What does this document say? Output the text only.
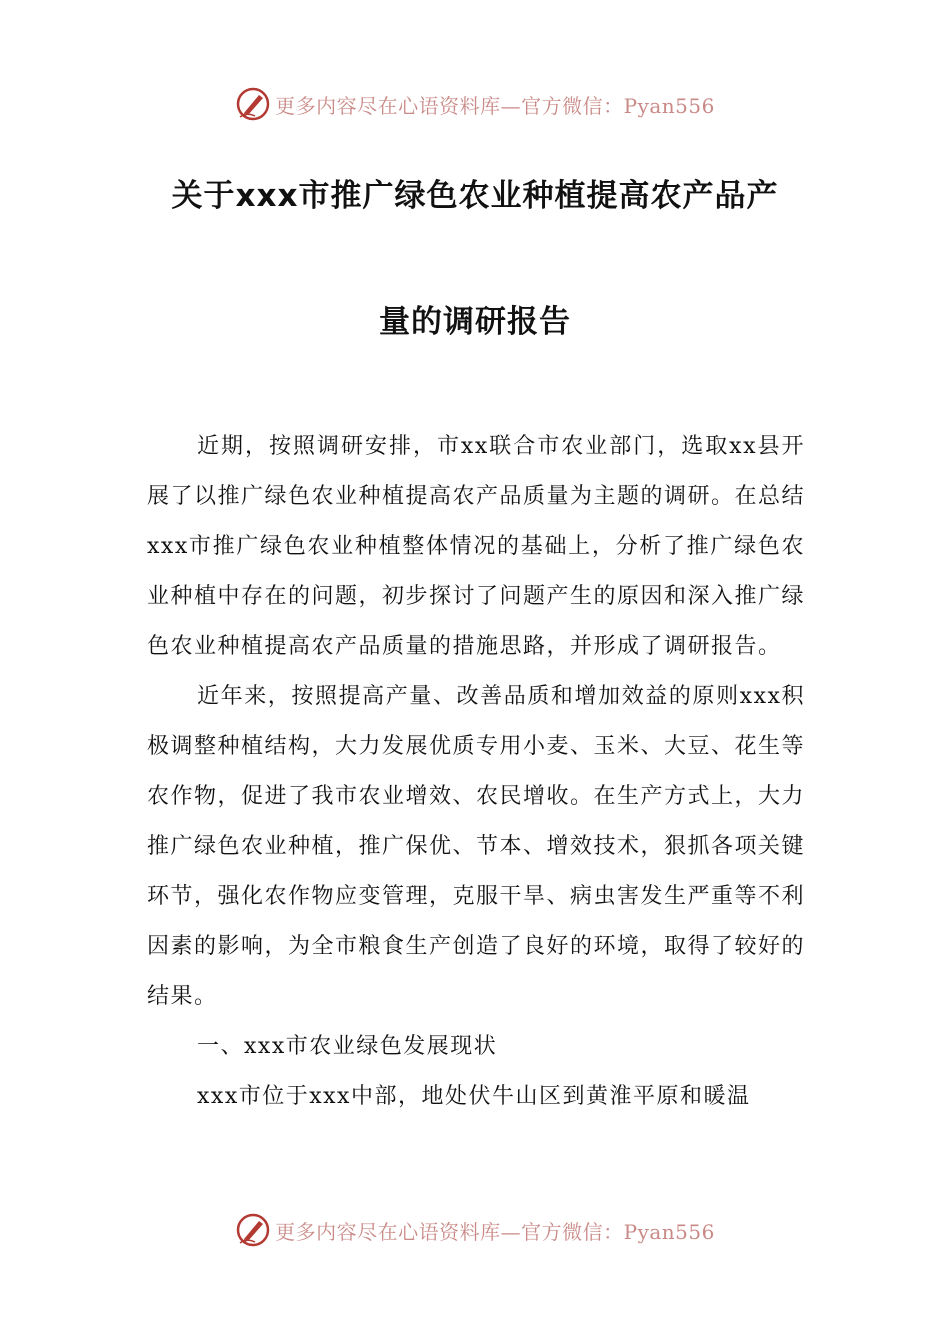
更多内容尽在心语资料库—官方微信：Pyan556
关于xxx市推广绿色农业种植提高农产品产
量的调研报告

近期，按照调研安排，市xx联合市农业部门，选取xx县开展了以推广绿色农业种植提高农产品质量为主题的调研。在总结xxx市推广绿色农业种植整体情况的基础上，分析了推广绿色农业种植中存在的问题，初步探讨了问题产生的原因和深入推广绿色农业种植提高农产品质量的措施思路，并形成了调研报告。

近年来，按照提高产量、改善品质和增加效益的原则xxx积极调整种植结构，大力发展优质专用小麦、玉米、大豆、花生等农作物，促进了我市农业增效、农民增收。在生产方式上，大力推广绿色农业种植，推广保优、节本、增效技术，狠抓各项关键环节，强化农作物应变管理，克服干旱、病虫害发生严重等不利因素的影响，为全市粮食生产创造了良好的环境，取得了较好的结果。

一、xxx市农业绿色发展现状

xxx市位于xxx中部，地处伏牛山区到黄淮平原和暖温

更多内容尽在心语资料库—官方微信：Pyan556
